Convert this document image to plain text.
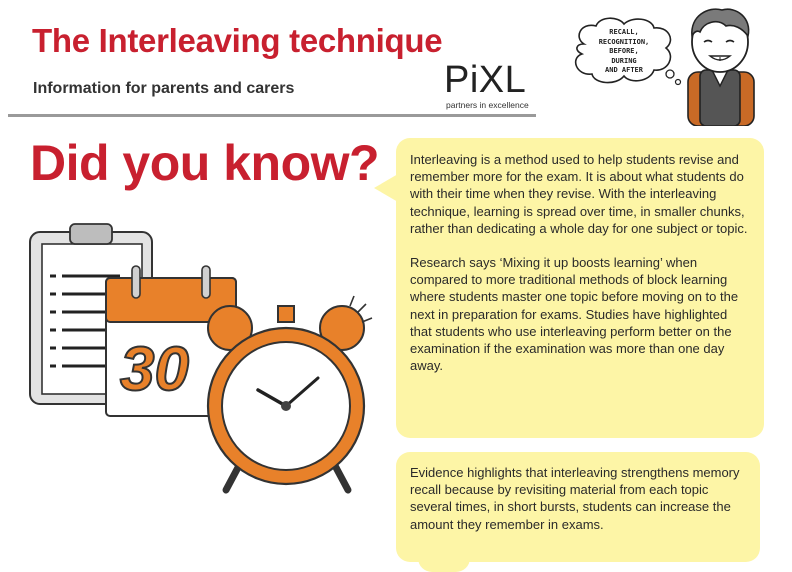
The Interleaving technique
Information for parents and carers	PiXL
partners in excellence
RECALL,
RECOGNITION,
BEFORE,
DURING
AND AFTER
Did you know?
30

Interleaving is a method used to help students revise and remember more for the exam. It is about what students do with their time when they revise. With the interleaving technique, learning is spread over time, in smaller chunks, rather than dedicating a whole day for one subject or topic.

Research says ‘Mixing it up boosts learning’ when compared to more traditional methods of block learning where students master one topic before moving on to the next in preparation for exams. Studies have highlighted that students who use interleaving perform better on the examination if the examination was more than one day away.

Evidence highlights that interleaving strengthens memory recall because by revisiting material from each topic several times, in short bursts, students can increase the amount they remember in exams.
